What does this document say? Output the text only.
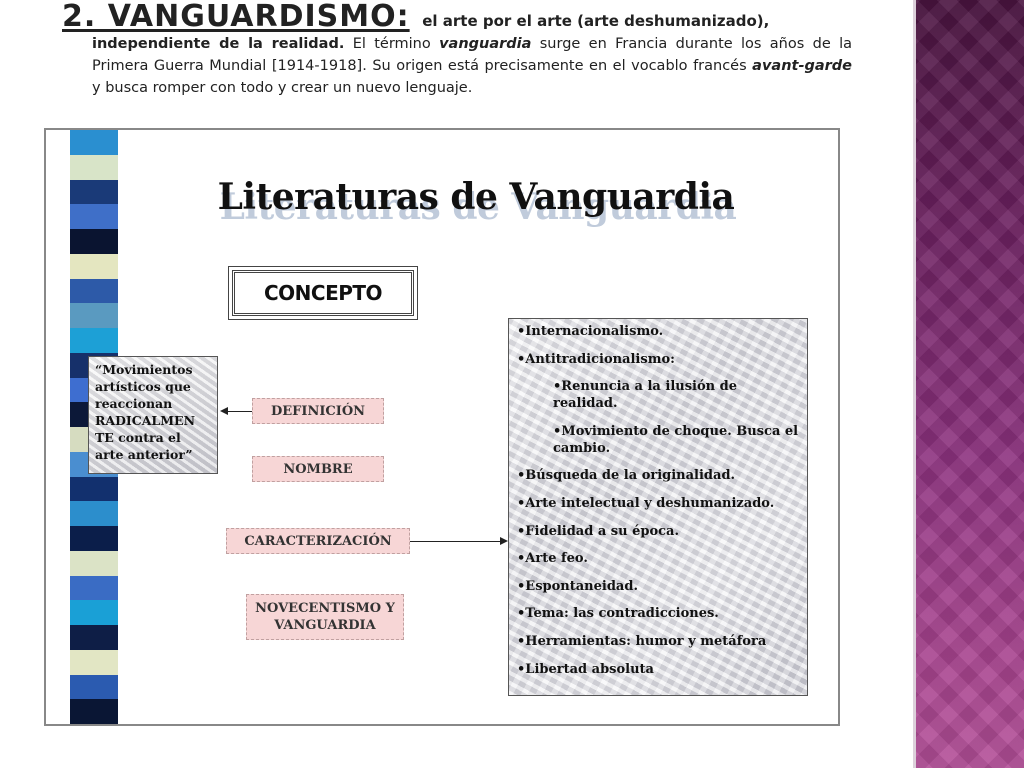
2. VANGUARDISMO: el arte por el arte (arte deshumanizado),
independiente de la realidad. El término vanguardia surge en Francia durante los años de la Primera Guerra Mundial [1914-1918]. Su origen está precisamente en el vocablo francés avant-garde y busca romper con todo y crear un nuevo lenguaje.
Literaturas de Vanguardia
CONCEPTO
“Movimientos artísticos que reaccionan RADICALMEN TE contra el arte anterior”
DEFINICIÓN
NOMBRE
CARACTERIZACIÓN
NOVECENTISMO Y VANGUARDIA
•Internacionalismo.
•Antitradicionalismo:
•Renuncia a la ilusión de realidad.
•Movimiento de choque. Busca el cambio.
•Búsqueda de la originalidad.
•Arte intelectual y deshumanizado.
•Fidelidad a su época.
•Arte feo.
•Espontaneidad.
•Tema: las contradicciones.
•Herramientas: humor y metáfora
•Libertad absoluta
